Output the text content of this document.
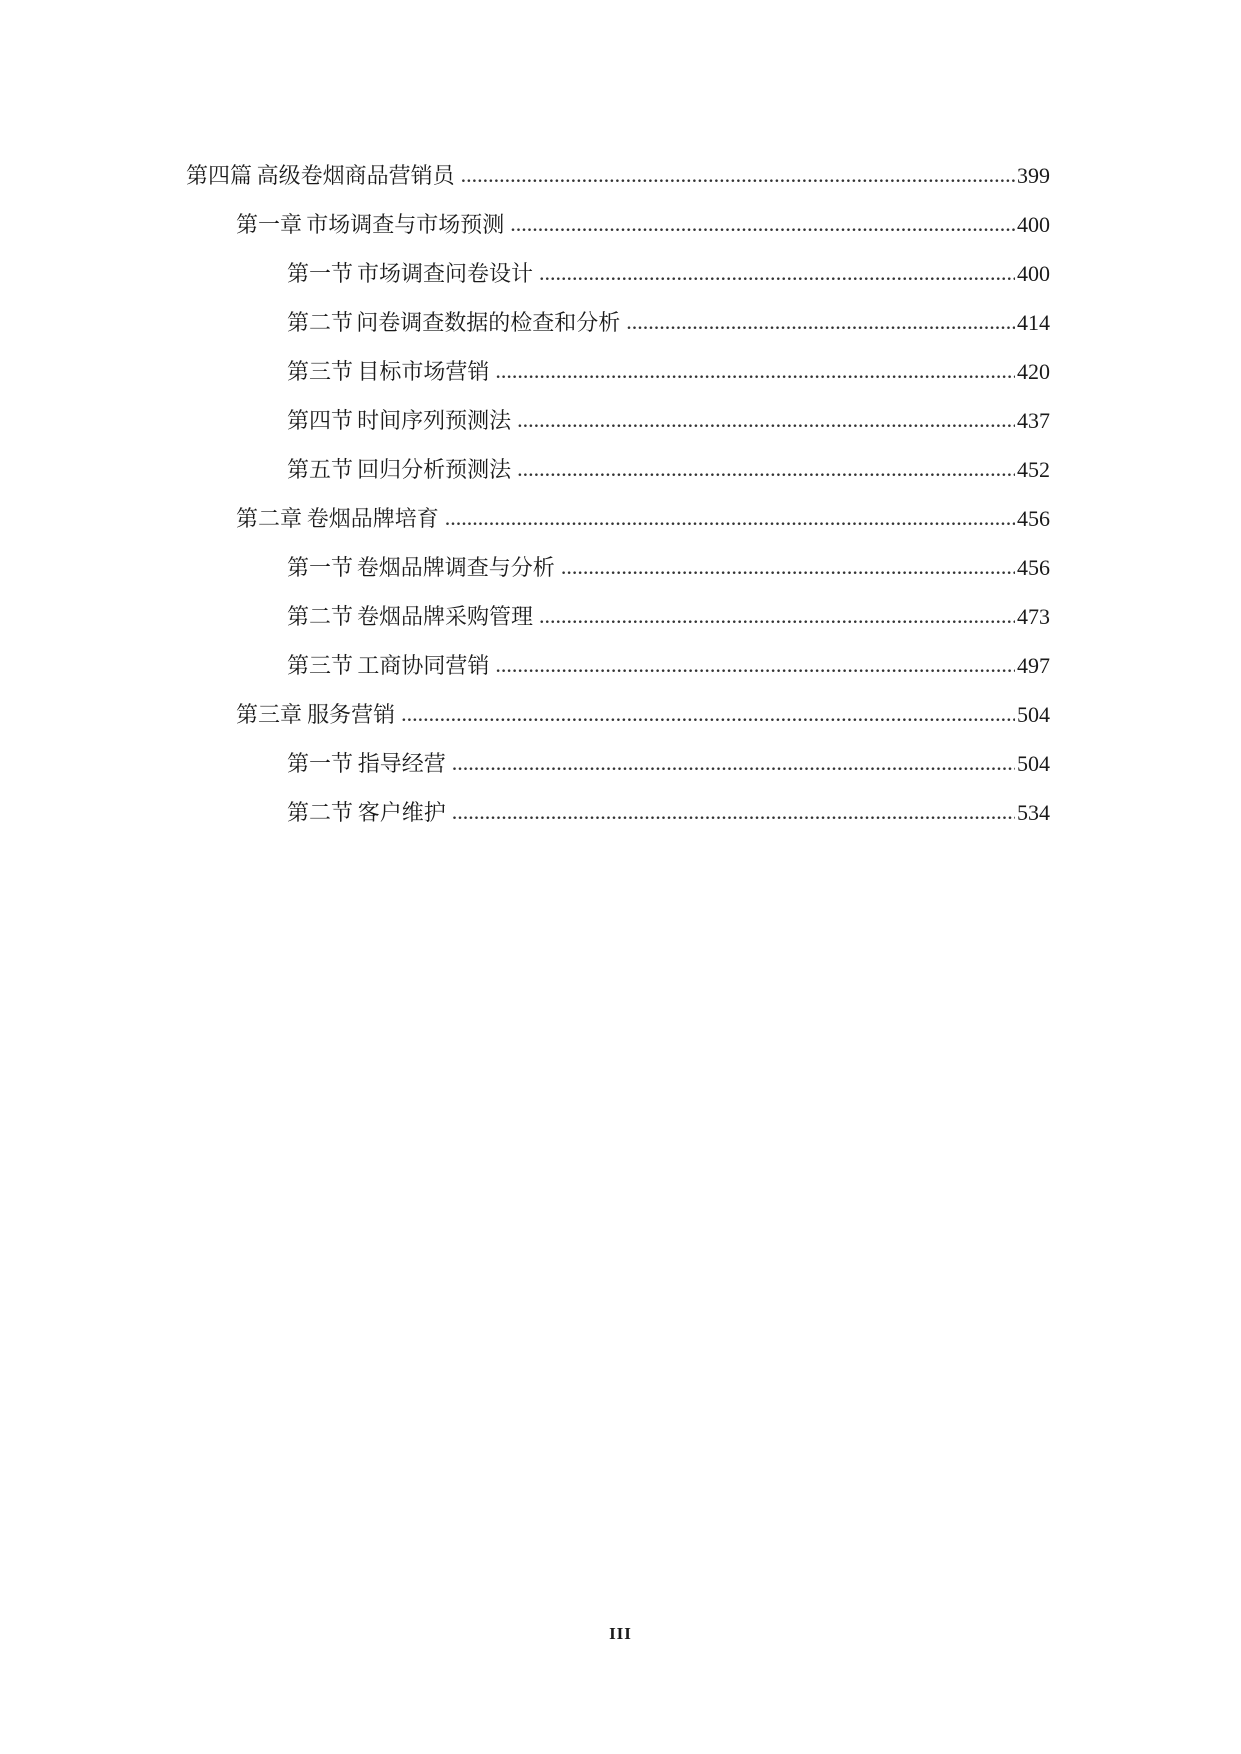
第四篇 高级卷烟商品营销员 .....	399
第一章 市场调查与市场预测 .....	400
第一节 市场调查问卷设计 .....	400
第二节 问卷调查数据的检查和分析 .....	414
第三节 目标市场营销 .....	420
第四节 时间序列预测法 .....	437
第五节 回归分析预测法 .....	452
第二章 卷烟品牌培育 .....	456
第一节 卷烟品牌调查与分析 .....	456
第二节 卷烟品牌采购管理 .....	473
第三节 工商协同营销 .....	497
第三章 服务营销 .....	504
第一节 指导经营 .....	504
第二节 客户维护 .....	534
III
